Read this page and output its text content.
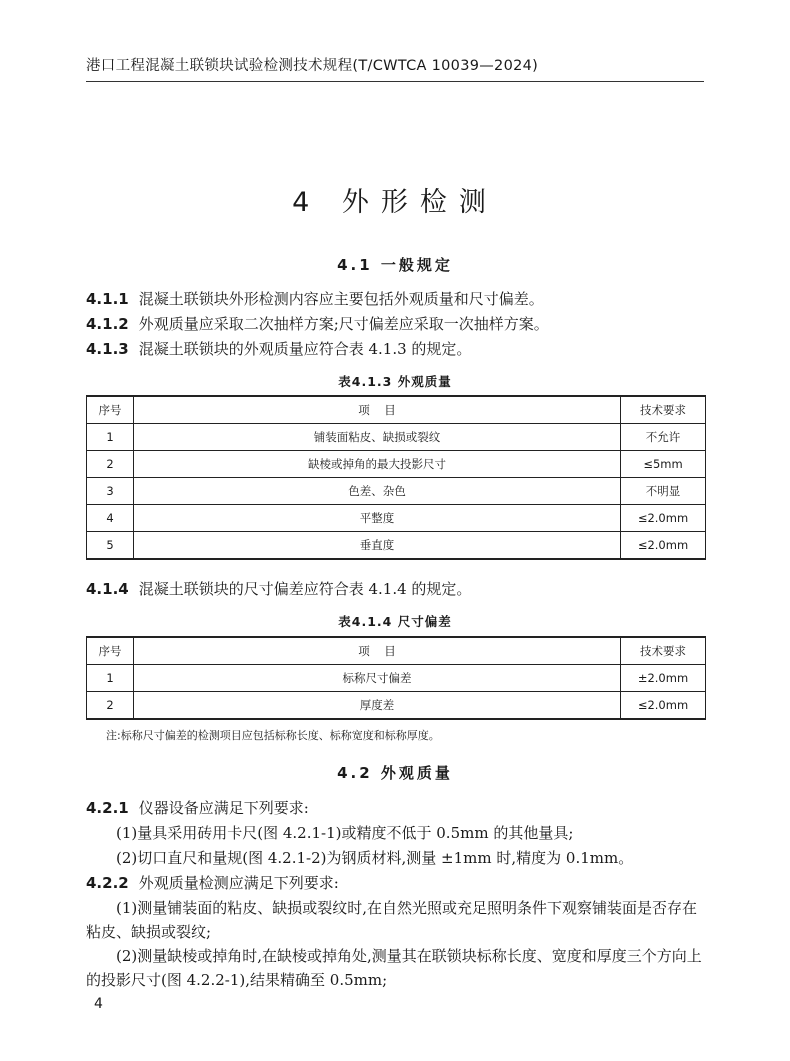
港口工程混凝土联锁块试验检测技术规程(T/CWTCA 10039—2024)
4 外形检测
4.1 一般规定
4.1.1 混凝土联锁块外形检测内容应主要包括外观质量和尺寸偏差。
4.1.2 外观质量应采取二次抽样方案;尺寸偏差应采取一次抽样方案。
4.1.3 混凝土联锁块的外观质量应符合表 4.1.3 的规定。
表4.1.3 外观质量
序号	项    目	技术要求
1	铺装面粘皮、缺损或裂纹	不允许
2	缺棱或掉角的最大投影尺寸	≤5mm
3	色差、杂色	不明显
4	平整度	≤2.0mm
5	垂直度	≤2.0mm
4.1.4 混凝土联锁块的尺寸偏差应符合表 4.1.4 的规定。
表4.1.4 尺寸偏差
序号	项    目	技术要求
1	标称尺寸偏差	±2.0mm
2	厚度差	≤2.0mm
注:标称尺寸偏差的检测项目应包括标称长度、标称宽度和标称厚度。
4.2 外观质量
4.2.1 仪器设备应满足下列要求:
(1)量具采用砖用卡尺(图 4.2.1-1)或精度不低于 0.5mm 的其他量具;
(2)切口直尺和量规(图 4.2.1-2)为钢质材料,测量 ±1mm 时,精度为 0.1mm。
4.2.2 外观质量检测应满足下列要求:
(1)测量铺装面的粘皮、缺损或裂纹时,在自然光照或充足照明条件下观察铺装面是否存在粘皮、缺损或裂纹;
(2)测量缺棱或掉角时,在缺棱或掉角处,测量其在联锁块标称长度、宽度和厚度三个方向上的投影尺寸(图 4.2.2-1),结果精确至 0.5mm;
4
